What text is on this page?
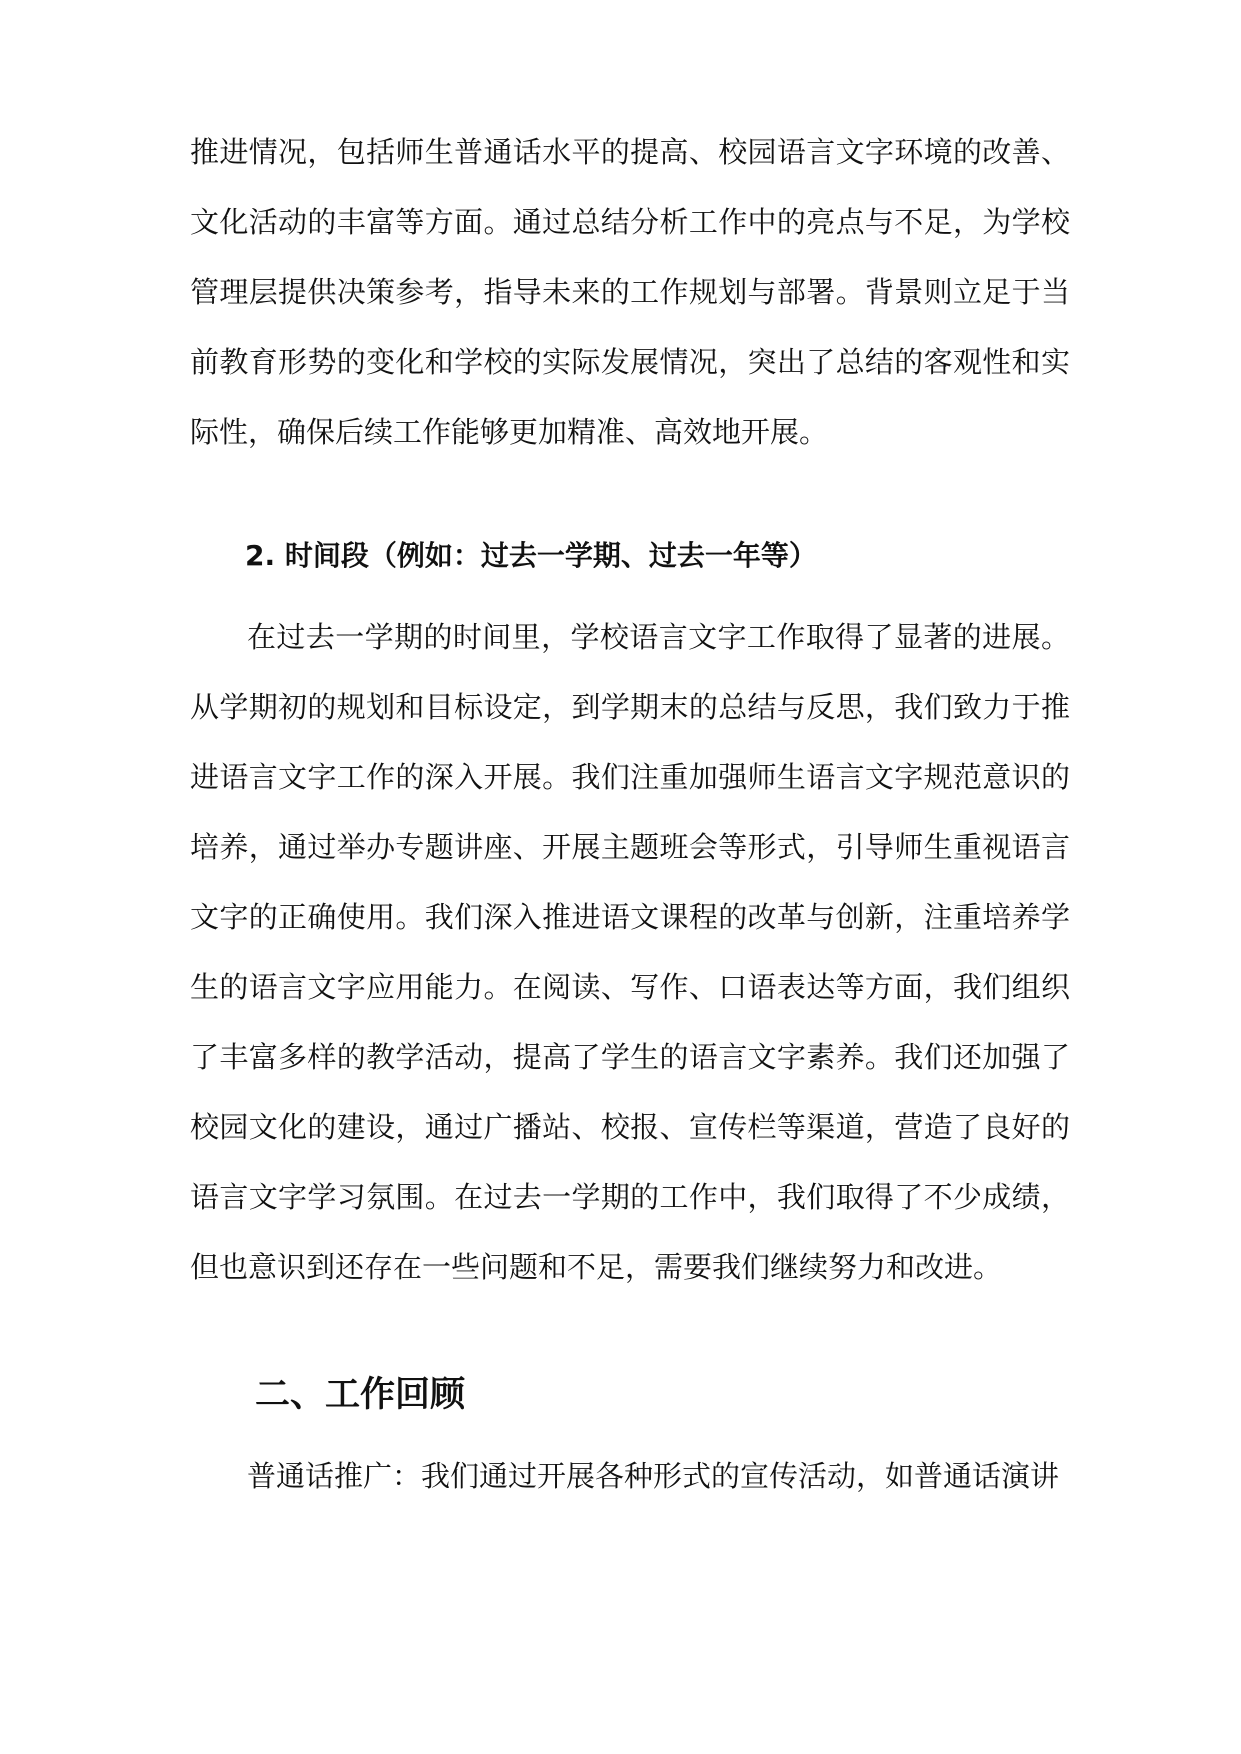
推进情况，包括师生普通话水平的提高、校园语言文字环境的改善、
文化活动的丰富等方面。通过总结分析工作中的亮点与不足，为学校
管理层提供决策参考，指导未来的工作规划与部署。背景则立足于当
前教育形势的变化和学校的实际发展情况，突出了总结的客观性和实
际性，确保后续工作能够更加精准、高效地开展。
2. 时间段（例如：过去一学期、过去一年等）
在过去一学期的时间里，学校语言文字工作取得了显著的进展。
从学期初的规划和目标设定，到学期末的总结与反思，我们致力于推
进语言文字工作的深入开展。我们注重加强师生语言文字规范意识的
培养，通过举办专题讲座、开展主题班会等形式，引导师生重视语言
文字的正确使用。我们深入推进语文课程的改革与创新，注重培养学
生的语言文字应用能力。在阅读、写作、口语表达等方面，我们组织
了丰富多样的教学活动，提高了学生的语言文字素养。我们还加强了
校园文化的建设，通过广播站、校报、宣传栏等渠道，营造了良好的
语言文字学习氛围。在过去一学期的工作中，我们取得了不少成绩，
但也意识到还存在一些问题和不足，需要我们继续努力和改进。
二、工作回顾
普通话推广：我们通过开展各种形式的宣传活动，如普通话演讲
